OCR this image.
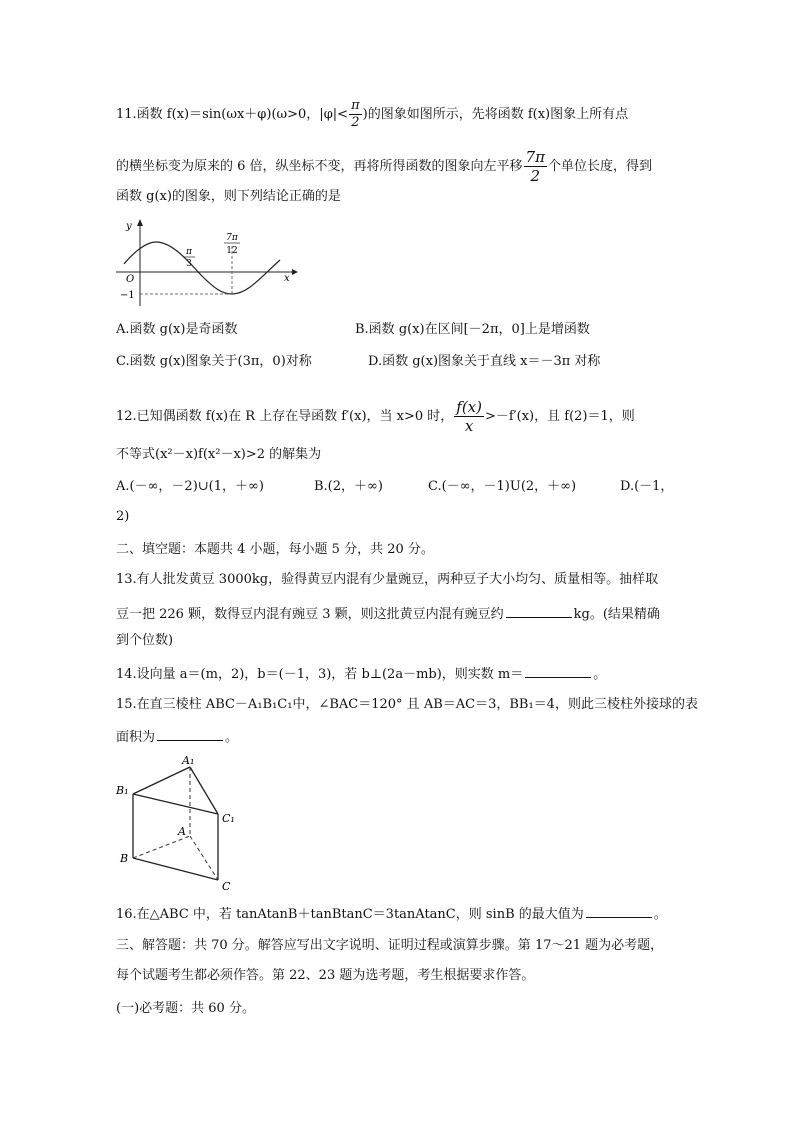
11.函数 f(x)＝sin(ωx＋φ)(ω>0，$|\varphi|< \frac{\pi}{2}$ )的图象如图所示，先将函数 f(x)图象上所有点
的横坐标变为原来的 6 倍，纵坐标不变，再将所得函数的图象向左平移 $\frac{7\pi}{2}$ 个单位长度，得到
函数 g(x)的图象，则下列结论正确的是
y
x
O
−1
π
3
7π
12
A.函数 g(x)是奇函数	B.函数 g(x)在区间[－2π，0]上是增函数
C.函数 g(x)图象关于(3π，0)对称	D.函数 g(x)图象关于直线 x＝－3π 对称
12.已知偶函数 f(x)在 R 上存在导函数 f′(x)，当 x>0 时， $\frac{f(x)}{x} >-f'(x)$，且 f(2)＝1，则
不等式(x²－x)f(x²－x)>2 的解集为
A.(－∞，－2)∪(1，＋∞)	B.(2，＋∞)	C.(－∞，－1)U(2，＋∞)	D.(－1，
2)
二、填空题：本题共 4 小题，每小题 5 分，共 20 分。
13.有人批发黄豆 3000kg，验得黄豆内混有少量豌豆，两种豆子大小均匀、质量相等。抽样取
豆一把 226 颗，数得豆内混有豌豆 3 颗，则这批黄豆内混有豌豆约	kg。(结果精确
到个位数)
14.设向量 a＝(m，2)，b＝(－1，3)，若 b⊥(2a－mb)，则实数 m＝	。
15.在直三棱柱 ABC－A₁B₁C₁中，∠BAC＝120° 且 AB＝AC＝3，BB₁＝4，则此三棱柱外接球的表
面积为	。
A₁
B₁
C₁
A
B
C
16.在△ABC 中，若 tanAtanB＋tanBtanC＝3tanAtanC，则 sinB 的最大值为	。
三、解答题：共 70 分。解答应写出文字说明、证明过程或演算步骤。第 17～21 题为必考题，
每个试题考生都必须作答。第 22、23 题为选考题，考生根据要求作答。
(一)必考题：共 60 分。
